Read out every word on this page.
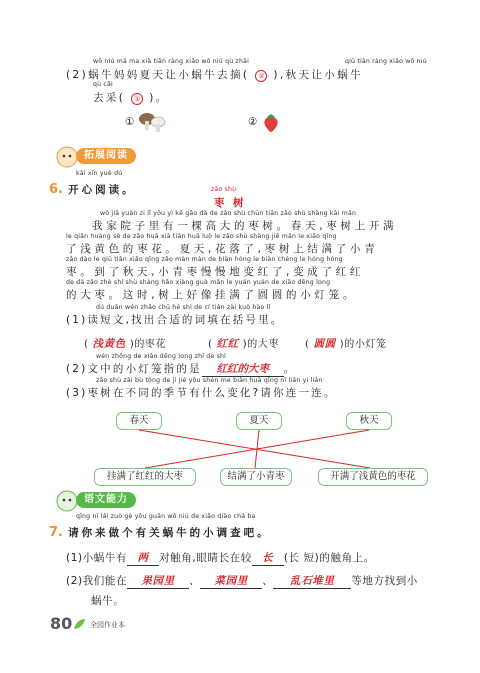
wǒ niú mā ma xià tiān ràng xiǎo wō niú qù zhāi	qiū tiān ràng xiǎo wō niú
(2)蜗牛妈妈夏天让小蜗牛去摘( ② ),秋天让小蜗牛
qù cǎi
去采( ① )。
①	②
拓展阅读
kāi xīn yuè dú
6. 开心阅读。	zǎo shù
枣 树
wǒ jiā yuàn zi lǐ yǒu yì kē gāo dà de zǎo shù chūn tiān zǎo shù shàng kāi mǎn
我家院子里有一棵高大的枣树。春天,枣树上开满
le qiǎn huáng sè de zǎo huā xià tiān huā luò le zǎo shù shàng jiē mǎn le xiǎo qīng
了浅黄色的枣花。夏天,花落了,枣树上结满了小青
zǎo dào le qiū tiān xiǎo qīng zǎo màn màn de biàn hóng le biàn chéng le hóng hóng
枣。到了秋天,小青枣慢慢地变红了,变成了红红
de dà zǎo zhè shí shù shàng hǎo xiàng guà mǎn le yuán yuán de xiǎo dēng long
的大枣。这时,树上好像挂满了圆圆的小灯笼。
dú duǎn wén zhǎo chū hé shì de cí tián zài kuò hào lǐ
(1)读短文,找出合适的词填在括号里。
( 浅黄色 )的枣花	( 红红 )的大枣	( 圆圆 )的小灯笼
wén zhōng de xiǎo dēng long zhǐ de shì
(2)文中的小灯笼指的是 红红的大枣 。
zǎo shù zài bù tóng de jì jié yǒu shén me biàn huà qǐng nǐ lián yi lián
(3)枣树在不同的季节有什么变化?请你连一连。
春天	夏天	秋天
挂满了红红的大枣	结满了小青枣	开满了浅黄色的枣花
语文能力
qǐng nǐ lái zuò gè yǒu guān wō niú de xiǎo diào chá ba
7. 请你来做个有关蜗牛的小调查吧。
(1)小蜗牛有 两 对触角,眼睛长在较 长 (长 短)的触角上。
(2)我们能在 果园里 、 菜园里 、 乱石堆里 等地方找到小
蜗牛。
80	全园作业本
